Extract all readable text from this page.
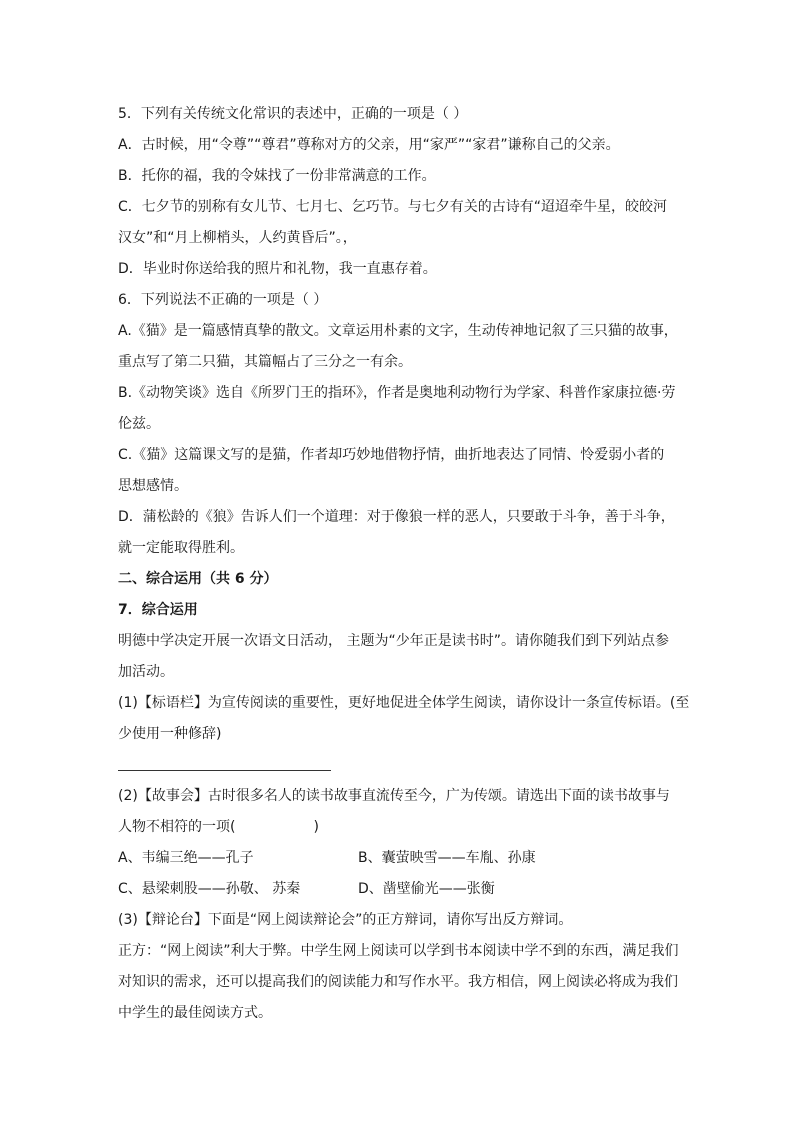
5．下列有关传统文化常识的表述中，正确的一项是（ ）
A．古时候，用“令尊”“尊君”尊称对方的父亲，用“家严”“家君”谦称自己的父亲。
B．托你的福，我的令妹找了一份非常满意的工作。
C．七夕节的别称有女儿节、七月七、乞巧节。与七夕有关的古诗有“迢迢牵牛星，皎皎河
汉女”和“月上柳梢头，人约黄昏后”。，
D．毕业时你送给我的照片和礼物，我一直惠存着。
6．下列说法不正确的一项是（ ）
A.《猫》是一篇感情真挚的散文。文章运用朴素的文字，生动传神地记叙了三只猫的故事，
重点写了第二只猫，其篇幅占了三分之一有余。
B.《动物笑谈》选自《所罗门王的指环》，作者是奥地利动物行为学家、科普作家康拉德·劳
伦兹。
C.《猫》这篇课文写的是猫，作者却巧妙地借物抒情，曲折地表达了同情、怜爱弱小者的
思想感情。
D．蒲松龄的《狼》告诉人们一个道理：对于像狼一样的恶人，只要敢于斗争，善于斗争，
就一定能取得胜利。
二、综合运用（共 6 分）
7．综合运用
明德中学决定开展一次语文日活动， 主题为“少年正是读书时”。请你随我们到下列站点参
加活动。
(1)【标语栏】为宣传阅读的重要性，更好地促进全体学生阅读，请你设计一条宣传标语。(至
少使用一种修辞)
(2)【故事会】古时很多名人的读书故事直流传至今，广为传颂。请选出下面的读书故事与
人物不相符的一项(	)
A、韦编三绝——孔子	B、囊萤映雪——车胤、孙康
C、悬梁刺股——孙敬、 苏秦	D、凿壁偷光——张衡
(3)【辩论台】下面是“网上阅读辩论会”的正方辩词，请你写出反方辩词。
正方：“网上阅读”利大于弊。中学生网上阅读可以学到书本阅读中学不到的东西，满足我们
对知识的需求，还可以提高我们的阅读能力和写作水平。我方相信，网上阅读必将成为我们
中学生的最佳阅读方式。
